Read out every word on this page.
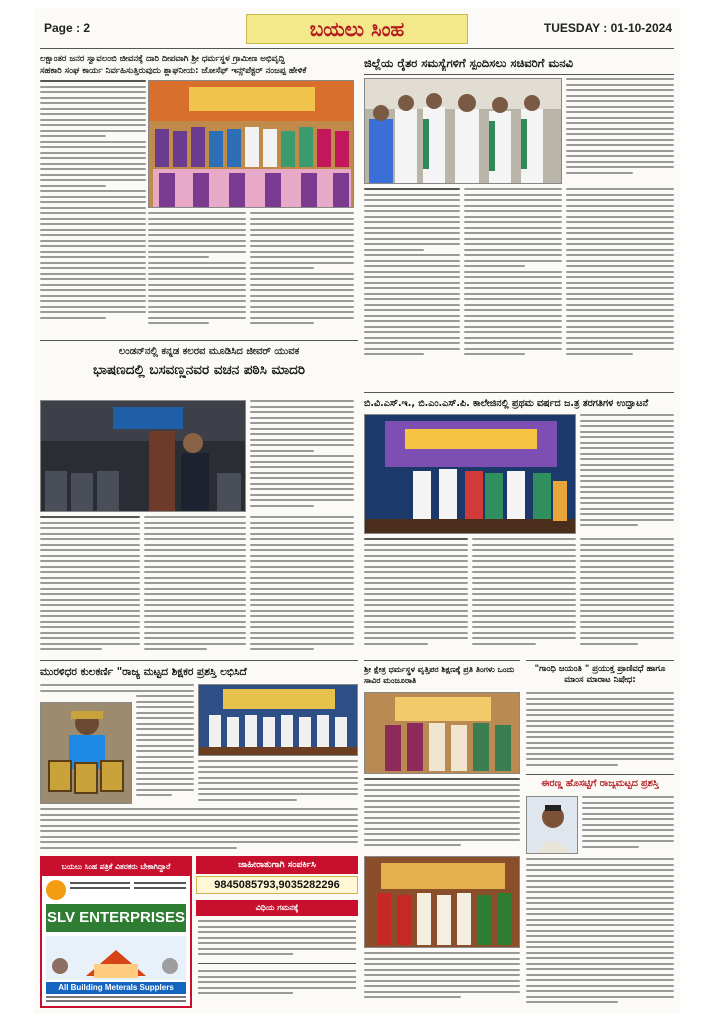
Page : 2	ಬಯಲು ಸಿಂಹ	TUESDAY : 01-10-2024
ಲಕ್ಷಾಂತರ ಜನರ ಸ್ವಾವಲಂಬಿ ಜೀವನಕ್ಕೆ ದಾರಿ ದೀಪವಾಗಿ ಶ್ರೀ ಧರ್ಮಸ್ಥಳ ಗ್ರಾಮೀಣ ಅಭಿವೃದ್ಧಿ
ಸಹಕಾರಿ ಸಂಘ ಕಾರ್ಯ ನಿರ್ವಹಿಸುತ್ತಿರುವುದು ಶ್ಲಾಘನೀಯ: ಜೋಸೆಫ್ ಇನ್ಸ್‌ಪೆಕ್ಟರ್ ನಂಜಪ್ಪ ಹೇಳಿಕೆ
ಜಿಲ್ಲೆಯ ರೈತರ ಸಮಸ್ಯೆಗಳಿಗೆ ಸ್ಪಂದಿಸಲು ಸಚಿವರಿಗೆ ಮನವಿ
ಲಂಡನ್‌ನಲ್ಲಿ ಕನ್ನಡ ಕಲರವ ಮೂಡಿಸಿದ ಜೀವರ್ ಯುವಕ
ಭಾಷಣದಲ್ಲಿ ಬಸವಣ್ಣನವರ ವಚನ ಪಠಿಸಿ ಮಾದರಿ
ಬಿ.ವಿ.ಎಸ್.ಇ., ಬಿ.ಎಂ.ಎಸ್.ಪಿ. ಕಾಲೇಜಿನಲ್ಲಿ ಪ್ರಥಮ ವರ್ಷದ ಜ.ತ್ರ ತರಗತಿಗಳ ಉದ್ಘಾಟನೆ
ಮುರಳಿಧರ ಕುಲಕರ್ಣಿ "ರಾಜ್ಯ ಮಟ್ಟದ ಶಿಕ್ಷಕರ ಪ್ರಶಸ್ತಿ ಲಭಿಸಿದೆ	ಶ್ರೀ ಕ್ಷೇತ್ರ ಧರ್ಮಸ್ಥಳ ವೃತ್ತಿಪರ ಶಿಕ್ಷಣಕ್ಕೆ ಪ್ರತಿ ತಿಂಗಳು ಒಂದು ಸಾವಿರ ಮಂಜೂರಾತಿ
"ಗಾಂಧಿ ಜಯಂತಿ " ಪ್ರಯುಕ್ತ ಪ್ರಾಣಿವಧೆ ಹಾಗೂ ಮಾಂಸ ಮಾರಾಟ ನಿಷೇಧ:
ಈರಣ್ಣ ಹೊಸಟ್ಟಿಗೆ ರಾಜ್ಯಮಟ್ಟದ ಪ್ರಶಸ್ತಿ
ಬಯಲು ಸಿಂಹ ಪತ್ರಿಕೆ ವಿತರಕರು ಬೇಕಾಗಿದ್ದಾರೆ
SLV ENTERPRISES
All Building Meterals Supplers
ಜಾಹೀರಾತುಗಾಗಿ ಸಂಪರ್ಕಿಸಿ
9845085793,9035282296
ವಿಧಿಯ ಗಮನಕ್ಕೆ
